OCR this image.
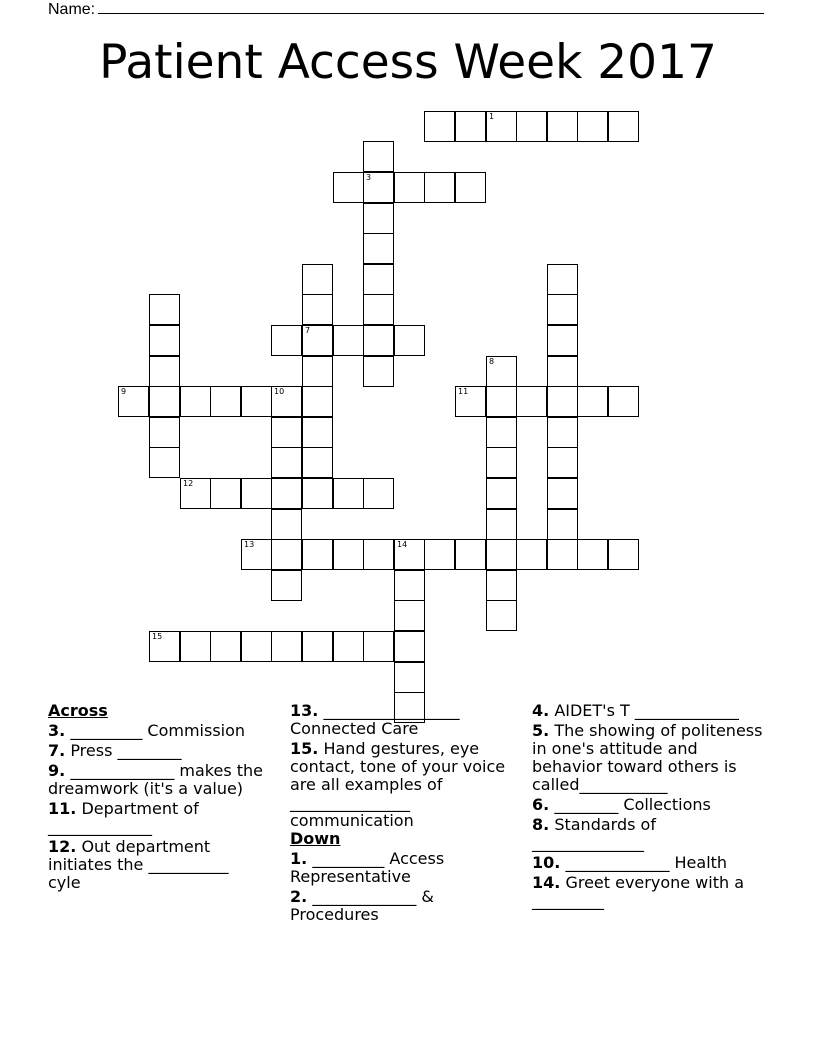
Name:
Patient Access Week 2017
1
3
7
9	10	11
8
12
13	14
15
Across
3. _________ Commission
7. Press ________
9. _____________ makes the dreamwork (it's a value)
11. Department of _____________
12. Out department initiates the __________ cyle
13. _________________ Connected Care
15. Hand gestures, eye contact, tone of your voice are all examples of _______________ communication
Down
1. _________ Access Representative
2. _____________ & Procedures
4. AIDET's T _____________
5. The showing of politeness in one's attitude and behavior toward others is called___________
6. ________ Collections
8. Standards of ______________
10. _____________ Health
14. Greet everyone with a _________
